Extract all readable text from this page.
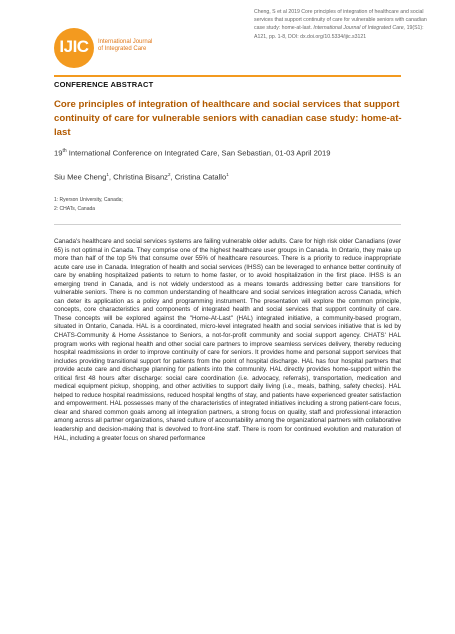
IJIC	International Journal
of Integrated Care
Cheng, S et al 2019 Core principles of integration of healthcare and social services that support continuity of care for vulnerable seniors with canadian case study: home-at-last. International Journal of Integrated Care, 19(S1): A121, pp. 1-8, DOI: dx.doi.org/10.5334/ijic.s3121
CONFERENCE ABSTRACT
Core principles of integration of healthcare and social services that support continuity of care for vulnerable seniors with canadian case study: home-at-last
19th International Conference on Integrated Care, San Sebastian, 01-03 April 2019
Siu Mee Cheng$^1$, Christina Bisanz$^2$, Cristina Catallo$^1$
1: Ryerson University, Canada;
2: CHATs, Canada
Canada's healthcare and social services systems are failing vulnerable older adults. Care for high risk older Canadians (over 65) is not optimal in Canada. They comprise one of the highest healthcare user groups in Canada. In Ontario, they make up more than half of the top 5% that consume over 55% of healthcare resources. There is a priority to reduce inappropriate acute care use in Canada. Integration of health and social services (IHSS) can be leveraged to enhance better continuity of care by enabling hospitalized patients to return to home faster, or to avoid hospitalization in the first place. IHSS is an emerging trend in Canada, and is not widely understood as a means towards addressing better care transitions for vulnerable seniors. There is no common understanding of healthcare and social services integration across Canada, which can deter its application as a policy and programming instrument. The presentation will explore the common principle, concepts, core characteristics and components of integrated health and social services that support continuity of care. These concepts will be explored against the "Home-At-Last" (HAL) integrated initiative, a community-based program, situated in Ontario, Canada. HAL is a coordinated, micro-level integrated health and social services initiative that is led by CHATS-Community & Home Assistance to Seniors, a not-for-profit community and social support agency. CHATS' HAL program works with regional health and other social care partners to improve seamless services delivery, thereby reducing hospital readmissions in order to improve continuity of care for seniors. It provides home and personal support services that includes providing transitional support for patients from the point of hospital discharge. HAL has four hospital partners that provide acute care and discharge planning for patients into the community. HAL directly provides home-support within the critical first 48 hours after discharge: social care coordination (i.e. advocacy, referrals), transportation, medication and medical equipment pickup, shopping, and other activities to support daily living (i.e., meals, bathing, safety checks). HAL helped to reduce hospital readmissions, reduced hospital lengths of stay, and patients have experienced greater satisfaction and empowerment. HAL possesses many of the characteristics of integrated initiatives including a strong patient-care focus, clear and shared common goals among all integration partners, a strong focus on quality, staff and professional interaction among across all partner organizations, shared culture of accountability among the organizational partners with collaborative leadership and decision-making that is devolved to front-line staff. There is room for continued evolution and maturation of HAL, including a greater focus on shared performance
